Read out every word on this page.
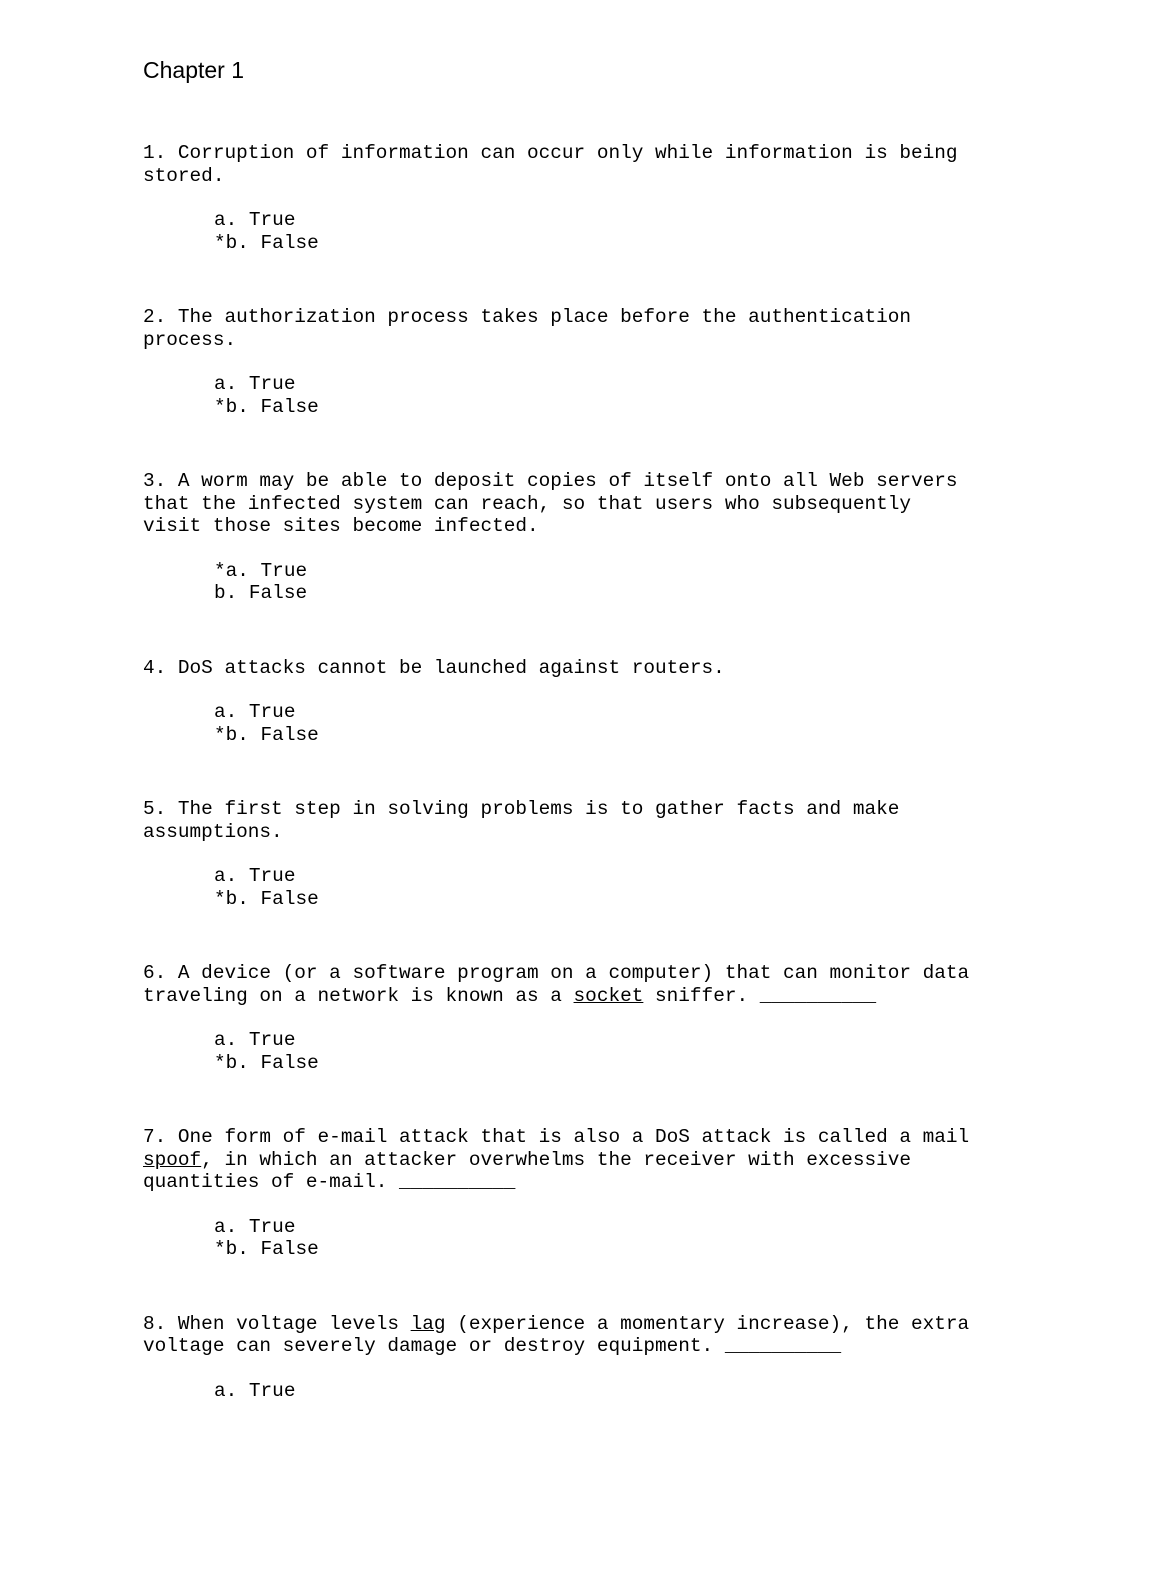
Chapter 1
1. Corruption of information can occur only while information is being
stored.
a. True
*b. False
2. The authorization process takes place before the authentication
process.
a. True
*b. False
3. A worm may be able to deposit copies of itself onto all Web servers
that the infected system can reach, so that users who subsequently
visit those sites become infected.
*a. True
b. False
4. DoS attacks cannot be launched against routers.
a. True
*b. False
5. The first step in solving problems is to gather facts and make
assumptions.
a. True
*b. False
6. A device (or a software program on a computer) that can monitor data
traveling on a network is known as a socket sniffer. __________
a. True
*b. False
7. One form of e-mail attack that is also a DoS attack is called a mail
spoof, in which an attacker overwhelms the receiver with excessive
quantities of e-mail. __________
a. True
*b. False
8. When voltage levels lag (experience a momentary increase), the extra
voltage can severely damage or destroy equipment. __________
a. True
